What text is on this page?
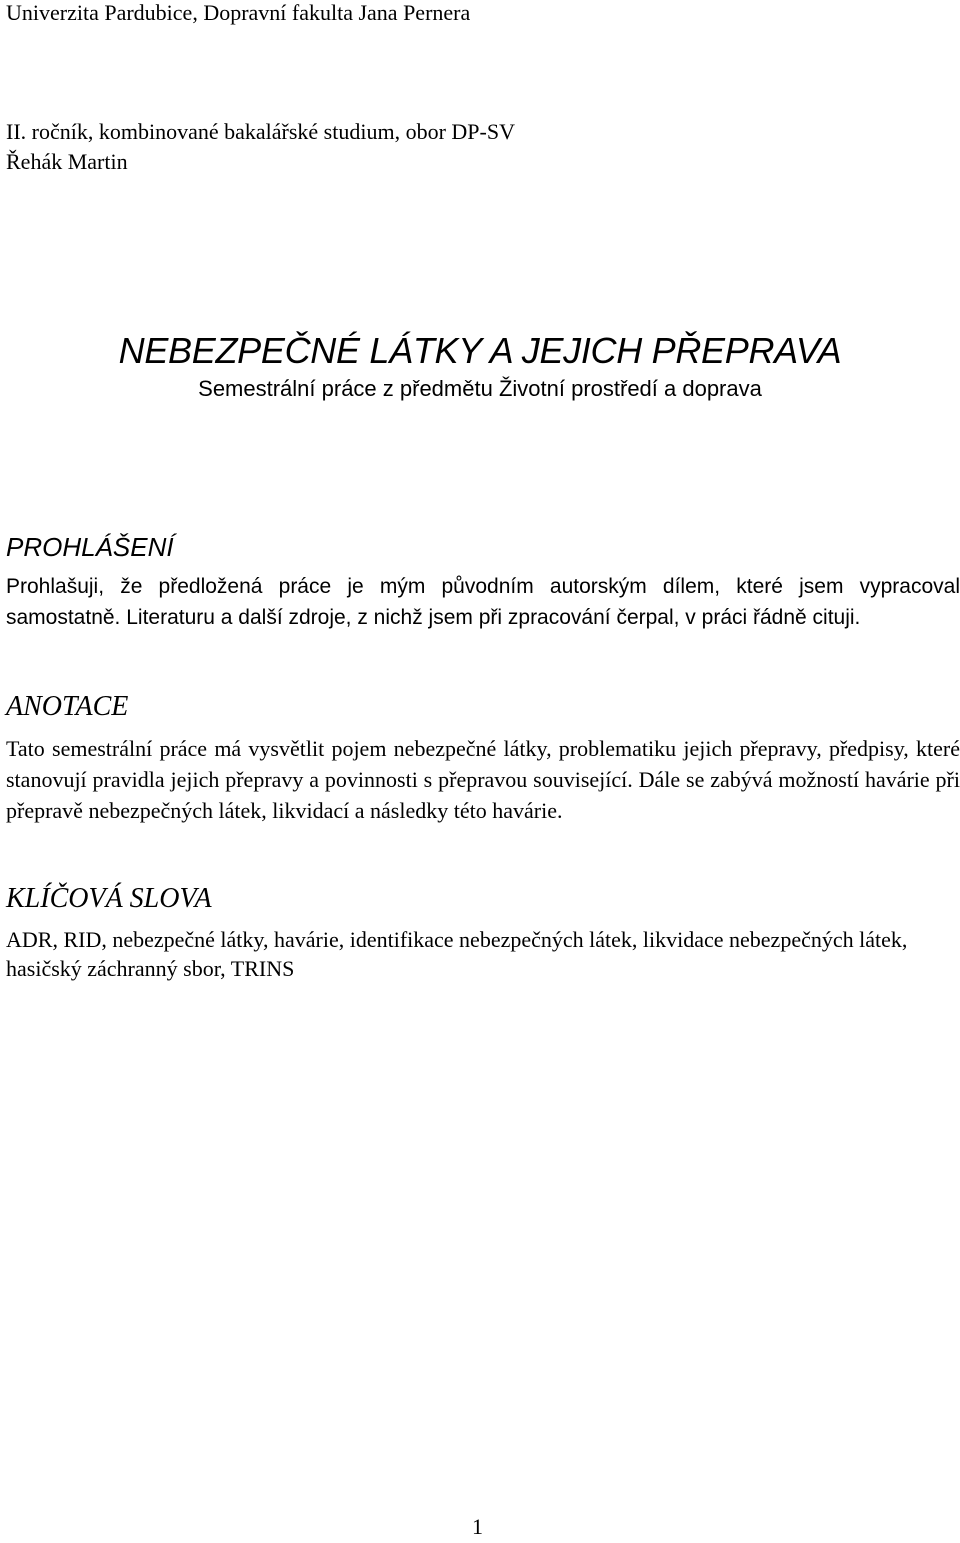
Univerzita Pardubice, Dopravní fakulta Jana Pernera

II. ročník, kombinované bakalářské studium, obor DP-SV

Řehák Martin

NEBEZPEČNÉ LÁTKY A JEJICH PŘEPRAVA

Semestrální práce z předmětu Životní prostředí a doprava

PROHLÁŠENÍ

Prohlašuji, že předložená práce je mým původním autorským dílem, které jsem vypracoval samostatně. Literaturu a další zdroje, z nichž jsem při zpracování čerpal, v práci řádně cituji.

ANOTACE

Tato semestrální práce má vysvětlit pojem nebezpečné látky, problematiku jejich přepravy, předpisy, které stanovují pravidla jejich přepravy a povinnosti s přepravou související. Dále se zabývá možností havárie při přepravě nebezpečných látek, likvidací a následky této havárie.

KLÍČOVÁ SLOVA

ADR, RID, nebezpečné látky, havárie, identifikace nebezpečných látek, likvidace nebezpečných látek, hasičský záchranný sbor, TRINS

1
